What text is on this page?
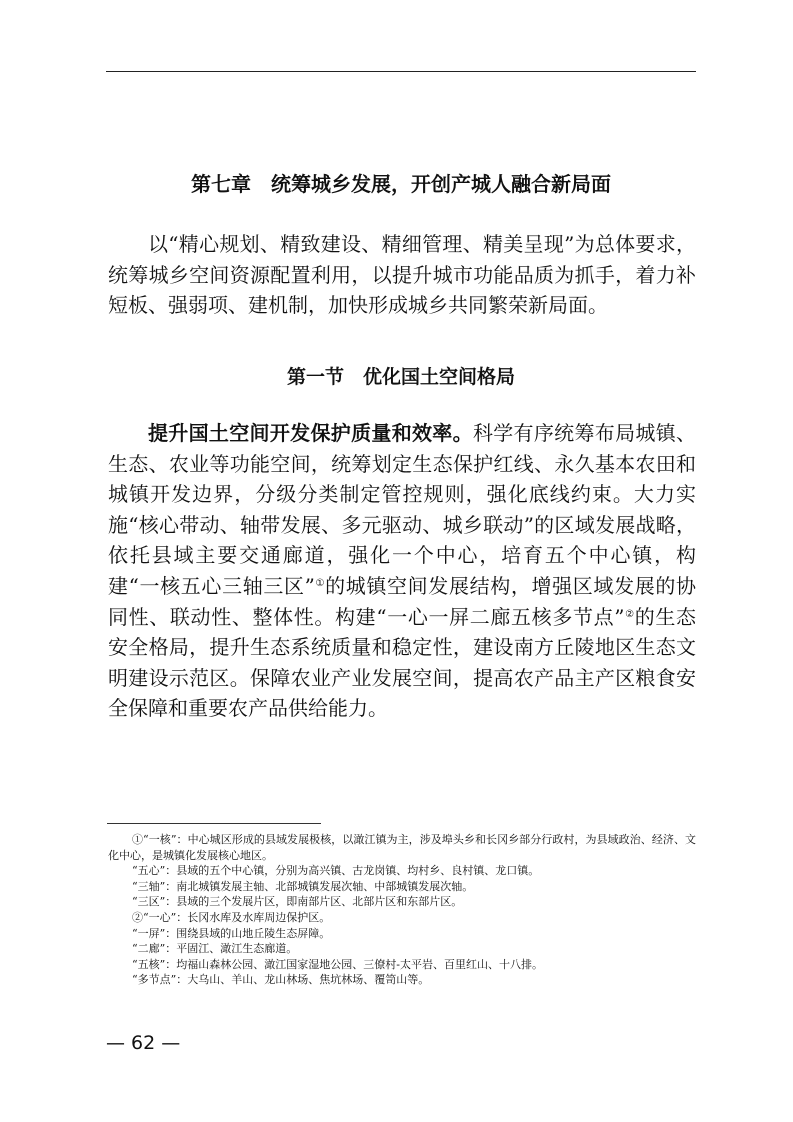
第七章　统筹城乡发展，开创产城人融合新局面

以“精心规划、精致建设、精细管理、精美呈现”为总体要求，统筹城乡空间资源配置利用，以提升城市功能品质为抓手，着力补短板、强弱项、建机制，加快形成城乡共同繁荣新局面。

第一节　优化国土空间格局

提升国土空间开发保护质量和效率。科学有序统筹布局城镇、生态、农业等功能空间，统筹划定生态保护红线、永久基本农田和城镇开发边界，分级分类制定管控规则，强化底线约束。大力实施“核心带动、轴带发展、多元驱动、城乡联动”的区域发展战略，依托县域主要交通廊道，强化一个中心，培育五个中心镇，构建“一核五心三轴三区”①的城镇空间发展结构，增强区域发展的协同性、联动性、整体性。构建“一心一屏二廊五核多节点”②的生态安全格局，提升生态系统质量和稳定性，建设南方丘陵地区生态文明建设示范区。保障农业产业发展空间，提高农产品主产区粮食安全保障和重要农产品供给能力。

①“一核”：中心城区形成的县域发展极核，以澉江镇为主，涉及埠头乡和长冈乡部分行政村，为县域政治、经济、文化中心，是城镇化发展核心地区。

“五心”：县域的五个中心镇，分别为高兴镇、古龙岗镇、均村乡、良村镇、龙口镇。

“三轴”：南北城镇发展主轴、北部城镇发展次轴、中部城镇发展次轴。

“三区”：县域的三个发展片区，即南部片区、北部片区和东部片区。

②“一心”：长冈水库及水库周边保护区。

“一屏”：围绕县域的山地丘陵生态屏障。

“二廊”：平固江、澉江生态廊道。

“五核”：均福山森林公园、澉江国家湿地公园、三僚村-太平岩、百里红山、十八排。

“多节点”：大乌山、羊山、龙山林场、焦坑林场、覆笥山等。

— 62 —
